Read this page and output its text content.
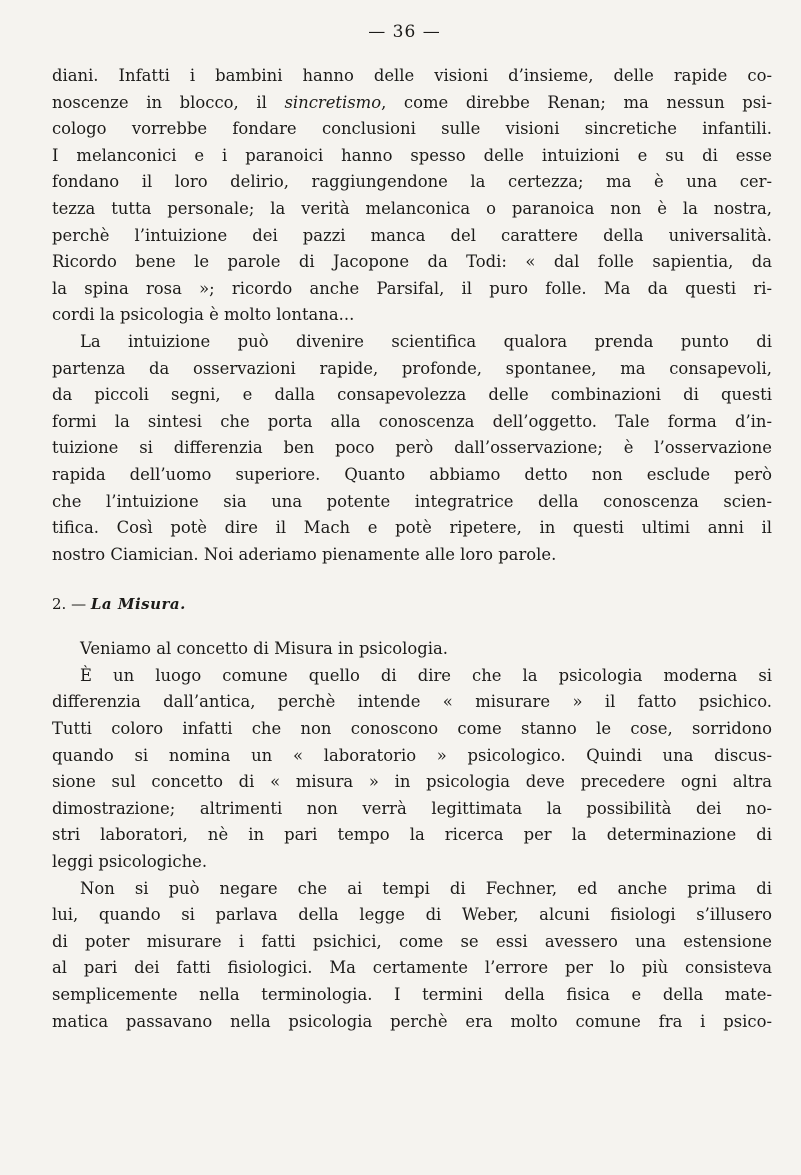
— 36 —
diani. Infatti i bambini hanno delle visioni d’insieme, delle rapide co-
noscenze in blocco, il sincretismo, come direbbe Renan; ma nessun psi-
cologo vorrebbe fondare conclusioni sulle visioni sincretiche infantili.
I melanconici e i paranoici hanno spesso delle intuizioni e su di esse
fondano il loro delirio, raggiungendone la certezza; ma è una cer-
tezza tutta personale; la verità melanconica o paranoica non è la nostra,
perchè l’intuizione dei pazzi manca del carattere della universalità.
Ricordo bene le parole di Jacopone da Todi: « dal folle sapientia, da
la spina rosa »; ricordo anche Parsifal, il puro folle. Ma da questi ri-
cordi la psicologia è molto lontana...
La intuizione può divenire scientifica qualora prenda punto di
partenza da osservazioni rapide, profonde, spontanee, ma consapevoli,
da piccoli segni, e dalla consapevolezza delle combinazioni di questi
formi la sintesi che porta alla conoscenza dell’oggetto. Tale forma d’in-
tuizione si differenzia ben poco però dall’osservazione; è l’osservazione
rapida dell’uomo superiore. Quanto abbiamo detto non esclude però
che l’intuizione sia una potente integratrice della conoscenza scien-
tifica. Così potè dire il Mach e potè ripetere, in questi ultimi anni il
nostro Ciamician. Noi aderiamo pienamente alle loro parole.
2. — La Misura.
Veniamo al concetto di Misura in psicologia.
È un luogo comune quello di dire che la psicologia moderna si
differenzia dall’antica, perchè intende « misurare » il fatto psichico.
Tutti coloro infatti che non conoscono come stanno le cose, sorridono
quando si nomina un « laboratorio » psicologico. Quindi una discus-
sione sul concetto di « misura » in psicologia deve precedere ogni altra
dimostrazione; altrimenti non verrà legittimata la possibilità dei no-
stri laboratori, nè in pari tempo la ricerca per la determinazione di
leggi psicologiche.
Non si può negare che ai tempi di Fechner, ed anche prima di
lui, quando si parlava della legge di Weber, alcuni fisiologi s’illusero
di poter misurare i fatti psichici, come se essi avessero una estensione
al pari dei fatti fisiologici. Ma certamente l’errore per lo più consisteva
semplicemente nella terminologia. I termini della fisica e della mate-
matica passavano nella psicologia perchè era molto comune fra i psico-
